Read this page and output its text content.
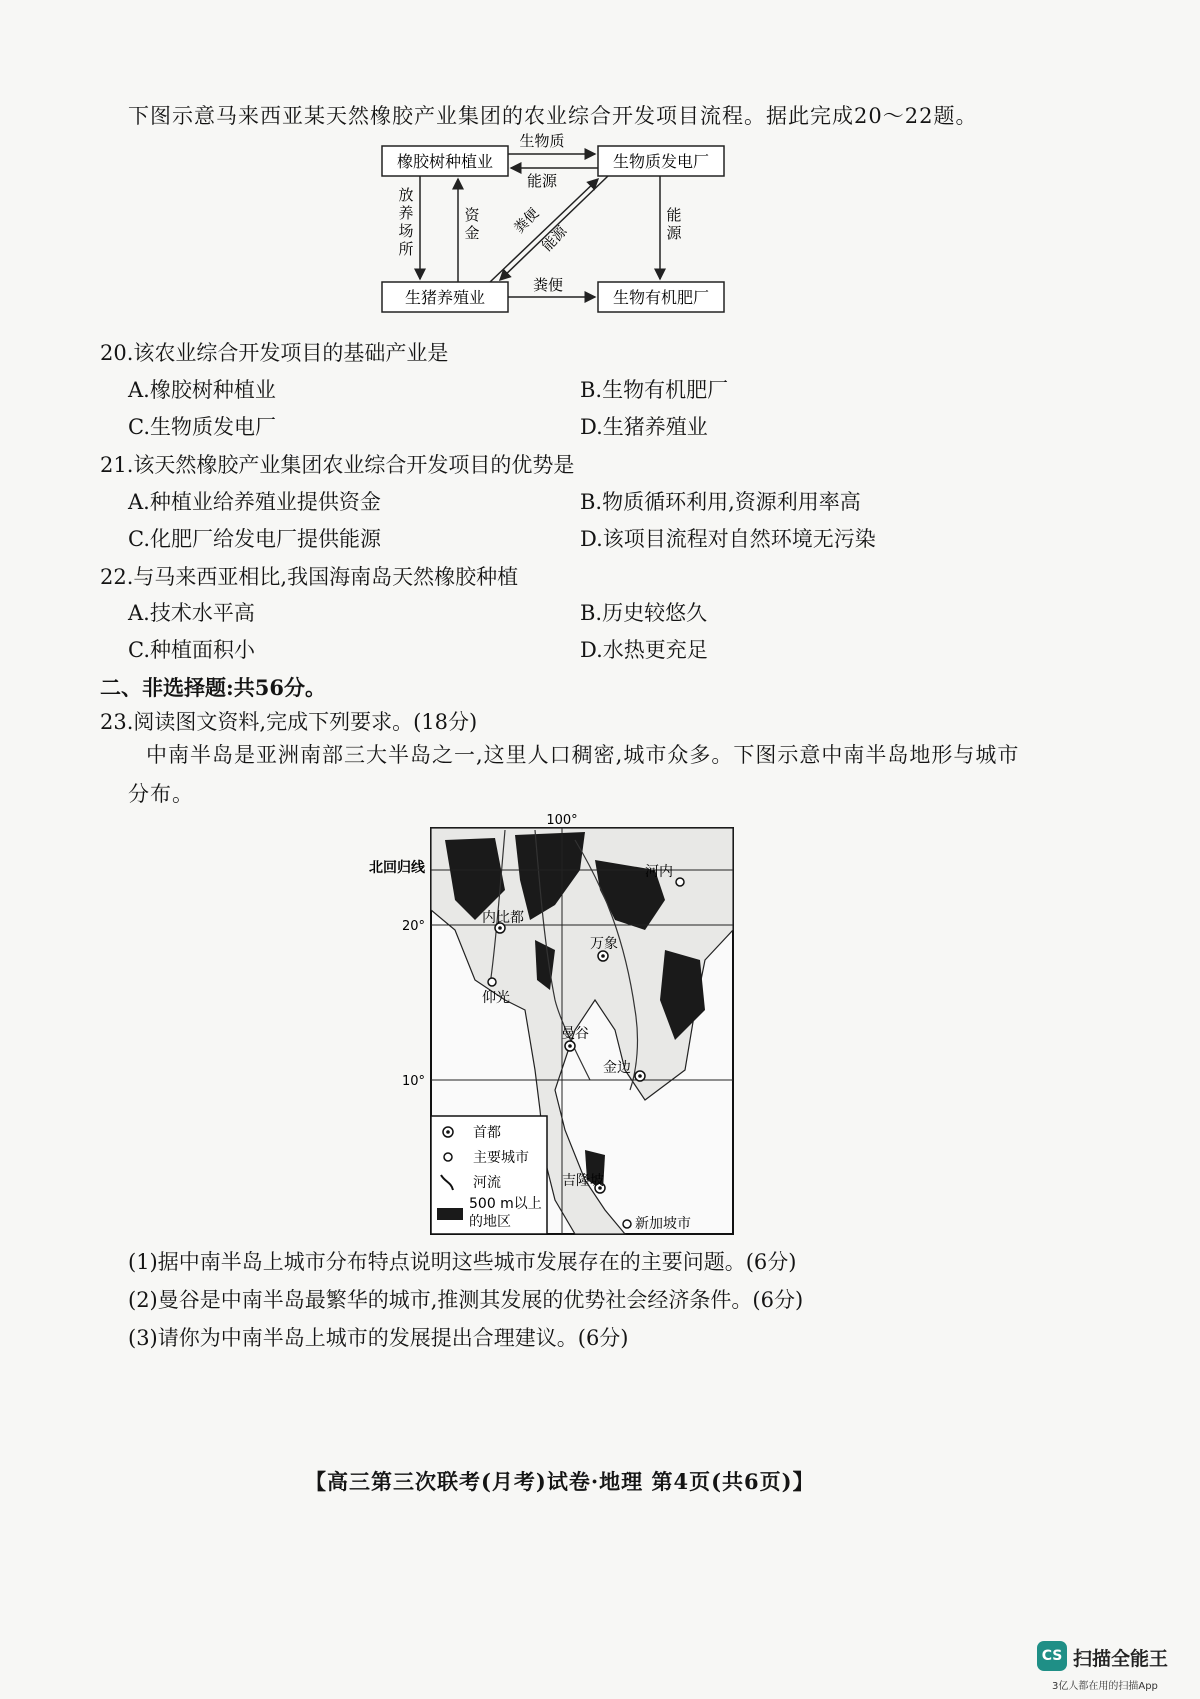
下图示意马来西亚某天然橡胶产业集团的农业综合开发项目流程。据此完成20～22题。
橡胶树种植业	生物质发电厂
生猪养殖业	生物有机肥厂
生物质
能源
放养场所
资金 粪便
能源
能源
粪便
20.该农业综合开发项目的基础产业是
A.橡胶树种植业	B.生物有机肥厂
C.生物质发电厂	D.生猪养殖业
21.该天然橡胶产业集团农业综合开发项目的优势是
A.种植业给养殖业提供资金	B.物质循环利用,资源利用率高
C.化肥厂给发电厂提供能源	D.该项目流程对自然环境无污染
22.与马来西亚相比,我国海南岛天然橡胶种植
A.技术水平高	B.历史较悠久
C.种植面积小	D.水热更充足
二、非选择题:共56分。
23.阅读图文资料,完成下列要求。(18分)
中南半岛是亚洲南部三大半岛之一,这里人口稠密,城市众多。下图示意中南半岛地形与城市
分布。
100°
北回归线
20°
10°
河内
内比都
万象
仰光
曼谷
金边
吉隆坡
新加坡市
首都
主要城市
河流
500 m以上
的地区
(1)据中南半岛上城市分布特点说明这些城市发展存在的主要问题。(6分)
(2)曼谷是中南半岛最繁华的城市,推测其发展的优势社会经济条件。(6分)
(3)请你为中南半岛上城市的发展提出合理建议。(6分)
【高三第三次联考(月考)试卷·地理 第4页(共6页)】
CS 扫描全能王
3亿人都在用的扫描App
